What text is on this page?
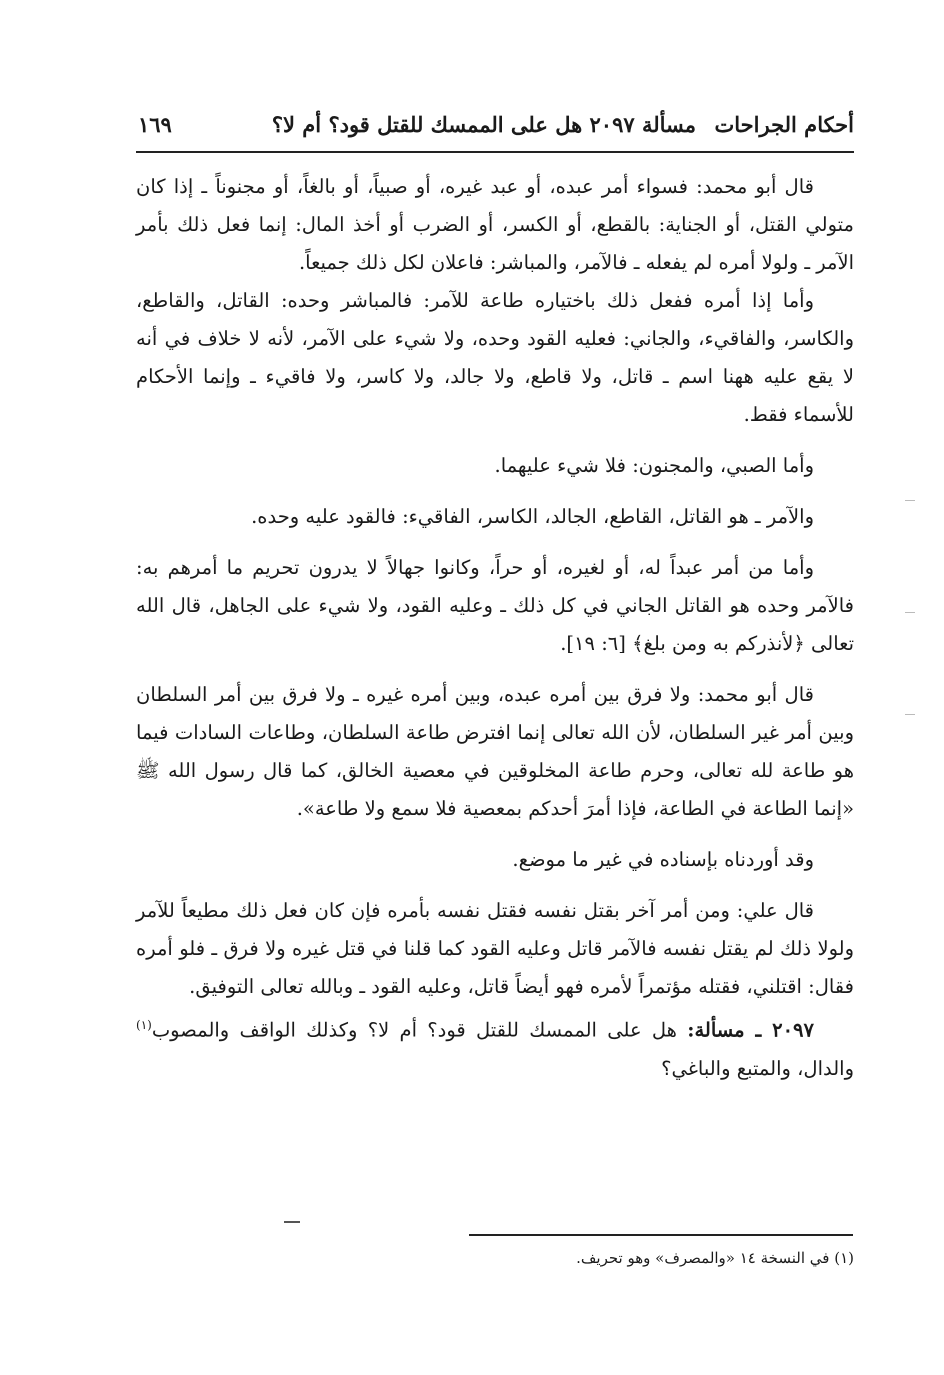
أحكام الجراحات
مسألة ٢٠٩٧ هل على الممسك للقتل قود؟ أم لا؟
١٦٩

قال أبو محمد: فسواء أمر عبده، أو عبد غيره، أو صبياً، أو بالغاً، أو مجنوناً ـ إذا كان متولي القتل، أو الجناية: بالقطع، أو الكسر، أو الضرب أو أخذ المال: إنما فعل ذلك بأمر الآمر ـ ولولا أمره لم يفعله ـ فالآمر، والمباشر: فاعلان لكل ذلك جميعاً.

وأما إذا أمره ففعل ذلك باختياره طاعة للآمر: فالمباشر وحده: القاتل، والقاطع، والكاسر، والفاقيء، والجاني: فعليه القود وحده، ولا شيء على الآمر، لأنه لا خلاف في أنه لا يقع عليه ههنا اسم ـ قاتل، ولا قاطع، ولا جالد، ولا كاسر، ولا فاقيء ـ وإنما الأحكام للأسماء فقط.

وأما الصبي، والمجنون: فلا شيء عليهما.

والآمر ـ هو القاتل، القاطع، الجالد، الكاسر، الفاقيء: فالقود عليه وحده.

وأما من أمر عبداً له، أو لغيره، أو حراً، وكانوا جهالاً لا يدرون تحريم ما أمرهم به: فالآمر وحده هو القاتل الجاني في كل ذلك ـ وعليه القود، ولا شيء على الجاهل، قال الله تعالى ﴿لأنذركم به ومن بلغ﴾ [٦: ١٩].

قال أبو محمد: ولا فرق بين أمره عبده، وبين أمره غيره ـ ولا فرق بين أمر السلطان وبين أمر غير السلطان، لأن الله تعالى إنما افترض طاعة السلطان، وطاعات السادات فيما هو طاعة لله تعالى، وحرم طاعة المخلوقين في معصية الخالق، كما قال رسول الله ﷺ «إنما الطاعة في الطاعة، فإذا أمرَ أحدكم بمعصية فلا سمع ولا طاعة».

وقد أوردناه بإسناده في غير ما موضع.

قال علي: ومن أمر آخر بقتل نفسه فقتل نفسه بأمره فإن كان فعل ذلك مطيعاً للآمر ولولا ذلك لم يقتل نفسه فالآمر قاتل وعليه القود كما قلنا في قتل غيره ولا فرق ـ فلو أمره فقال: اقتلني، فقتله مؤتمراً لأمره فهو أيضاً قاتل، وعليه القود ـ وبالله تعالى التوفيق.

٢٠٩٧ ـ مسألة: هل على الممسك للقتل قود؟ أم لا؟ وكذلك الواقف والمصوب$^{(١)}$ والدال، والمتبع والباغي؟

(١) في النسخة ١٤ «والمصرف» وهو تحريف.
